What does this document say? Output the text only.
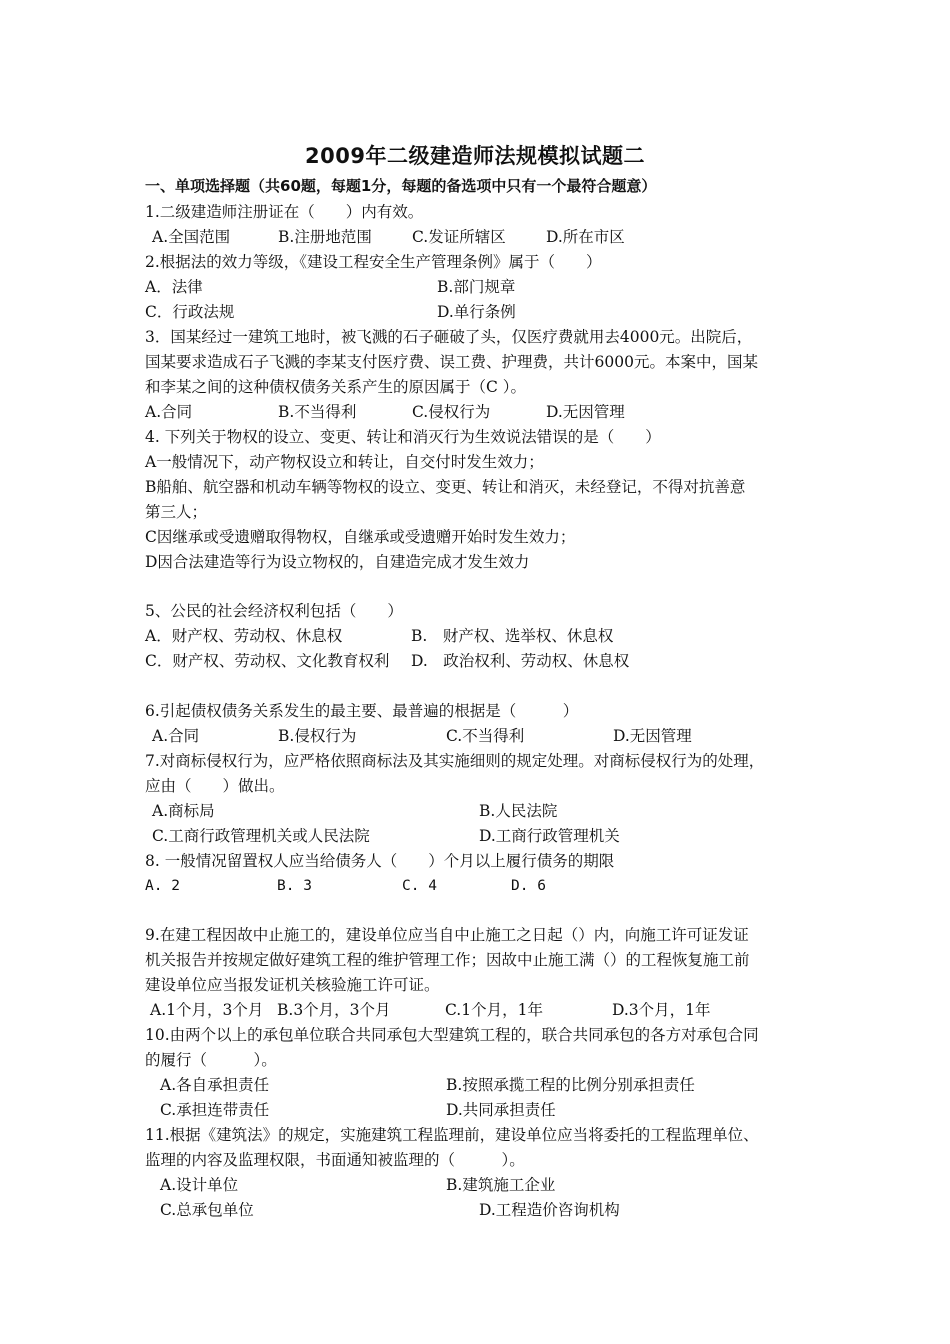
2009年二级建造师法规模拟试题二
一、单项选择题（共60题，每题1分，每题的备选项中只有一个最符合题意）
1.二级建造师注册证在（　　）内有效。
A.全国范围	B.注册地范围	C.发证所辖区	D.所在市区
2.根据法的效力等级，《建设工程安全生产管理条例》属于（　　）
A．法律	B.部门规章
C．行政法规	D.单行条例
3．国某经过一建筑工地时，被飞溅的石子砸破了头，仅医疗费就用去4000元。出院后，
国某要求造成石子飞溅的李某支付医疗费、误工费、护理费，共计6000元。本案中，国某
和李某之间的这种债权债务关系产生的原因属于（C ）。
A.合同	B.不当得利	C.侵权行为	D.无因管理
4. 下列关于物权的设立、变更、转让和消灭行为生效说法错误的是（　　）
A一般情况下，动产物权设立和转让，自交付时发生效力；
B船舶、航空器和机动车辆等物权的设立、变更、转让和消灭，未经登记，不得对抗善意
第三人；
C因继承或受遗赠取得物权，自继承或受遗赠开始时发生效力；
D因合法建造等行为设立物权的，自建造完成才发生效力
5、公民的社会经济权利包括（　　）
A．财产权、劳动权、休息权	B.　财产权、选举权、休息权
C．财产权、劳动权、文化教育权利 D.　政治权利、劳动权、休息权
6.引起债权债务关系发生的最主要、最普遍的根据是（　　　）
A.合同	B.侵权行为	C.不当得利	D.无因管理
7.对商标侵权行为，应严格依照商标法及其实施细则的规定处理。对商标侵权行为的处理，
应由（　　）做出。
A.商标局	B.人民法院
C.工商行政管理机关或人民法院	D.工商行政管理机关
8. 一般情况留置权人应当给债务人（　　）个月以上履行债务的期限
A. 2	B. 3	C. 4	D. 6
9.在建工程因故中止施工的，建设单位应当自中止施工之日起（）内，向施工许可证发证
机关报告并按规定做好建筑工程的维护管理工作；因故中止施工满（）的工程恢复施工前
建设单位应当报发证机关核验施工许可证。
A.1个月，3个月 B.3个月，3个月	C.1个月，1年	D.3个月，1年
10.由两个以上的承包单位联合共同承包大型建筑工程的，联合共同承包的各方对承包合同
的履行（　　　）。
A.各自承担责任	B.按照承揽工程的比例分别承担责任
C.承担连带责任	D.共同承担责任
11.根据《建筑法》的规定，实施建筑工程监理前，建设单位应当将委托的工程监理单位、
监理的内容及监理权限，书面通知被监理的（　　　）。
A.设计单位	B.建筑施工企业
C.总承包单位	D.工程造价咨询机构
